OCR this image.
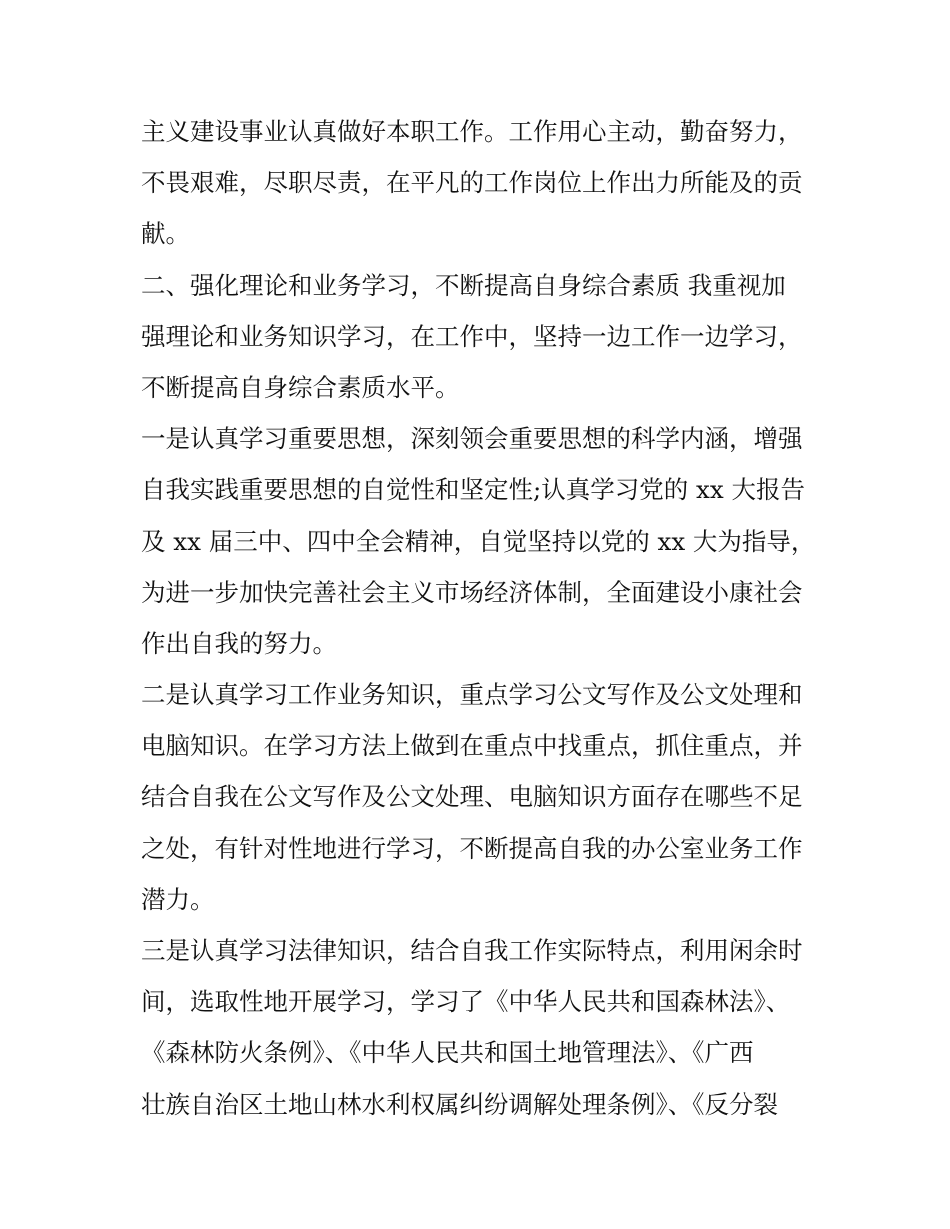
主义建设事业认真做好本职工作。工作用心主动，勤奋努力，
不畏艰难，尽职尽责，在平凡的工作岗位上作出力所能及的贡
献。
二、强化理论和业务学习，不断提高自身综合素质 我重视加
强理论和业务知识学习，在工作中，坚持一边工作一边学习，
不断提高自身综合素质水平。
一是认真学习重要思想，深刻领会重要思想的科学内涵，增强
自我实践重要思想的自觉性和坚定性;认真学习党的 xx 大报告
及 xx 届三中、四中全会精神，自觉坚持以党的 xx 大为指导，
为进一步加快完善社会主义市场经济体制，全面建设小康社会
作出自我的努力。
二是认真学习工作业务知识，重点学习公文写作及公文处理和
电脑知识。在学习方法上做到在重点中找重点，抓住重点，并
结合自我在公文写作及公文处理、电脑知识方面存在哪些不足
之处，有针对性地进行学习，不断提高自我的办公室业务工作
潜力。
三是认真学习法律知识，结合自我工作实际特点，利用闲余时
间，选取性地开展学习，学习了《中华人民共和国森林法》、
《森林防火条例》、《中华人民共和国土地管理法》、《广西
壮族自治区土地山林水利权属纠纷调解处理条例》、《反分裂
